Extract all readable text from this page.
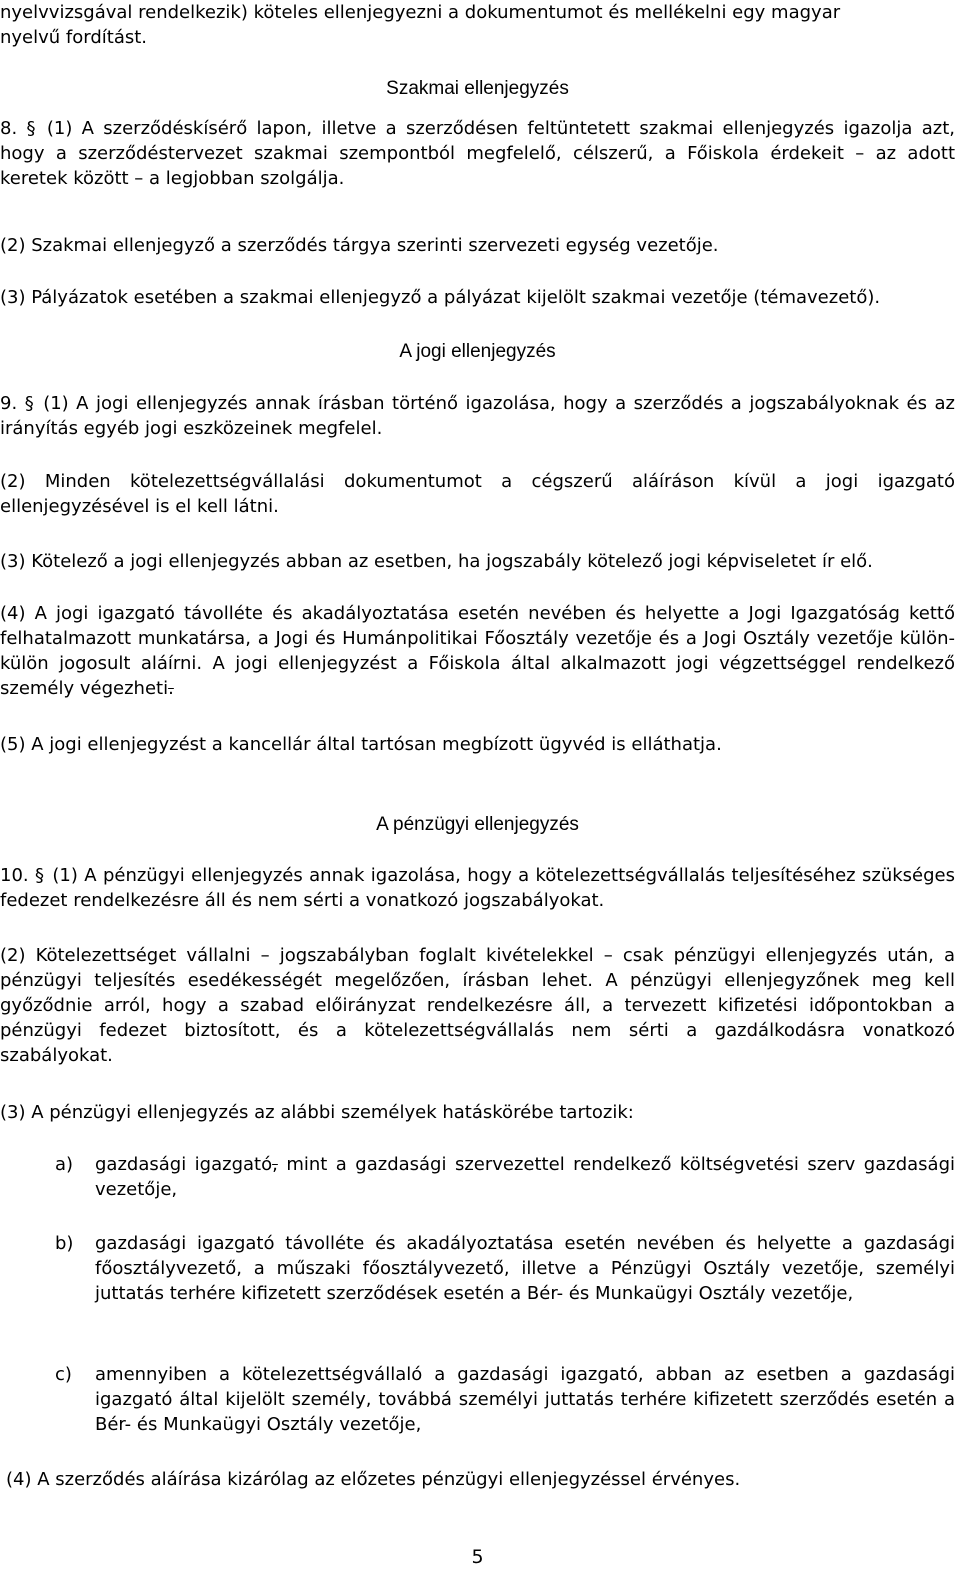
nyelvvizsgával rendelkezik) köteles ellenjegyezni a dokumentumot és mellékelni egy magyar
nyelvű fordítást.
Szakmai ellenjegyzés

8. § (1) A szerződéskísérő lapon, illetve a szerződésen feltüntetett szakmai ellenjegyzés igazolja azt, hogy a szerződéstervezet szakmai szempontból megfelelő, célszerű, a Főiskola érdekeit – az adott keretek között – a legjobban szolgálja.

(2) Szakmai ellenjegyző a szerződés tárgya szerinti szervezeti egység vezetője.

(3) Pályázatok esetében a szakmai ellenjegyző a pályázat kijelölt szakmai vezetője (témavezető).

A jogi ellenjegyzés

9. § (1) A jogi ellenjegyzés annak írásban történő igazolása, hogy a szerződés a jogszabályoknak és az irányítás egyéb jogi eszközeinek megfelel.

(2) Minden kötelezettségvállalási dokumentumot a cégszerű aláíráson kívül a jogi igazgató ellenjegyzésével is el kell látni.

(3) Kötelező a jogi ellenjegyzés abban az esetben, ha jogszabály kötelező jogi képviseletet ír elő.

(4) A jogi igazgató távolléte és akadályoztatása esetén nevében és helyette a Jogi Igazgatóság kettő felhatalmazott munkatársa, a Jogi és Humánpolitikai Főosztály vezetője és a Jogi Osztály vezetője külön-külön jogosult aláírni. A jogi ellenjegyzést a Főiskola által alkalmazott jogi végzettséggel rendelkező személy végezheti.

(5) A jogi ellenjegyzést a kancellár által tartósan megbízott ügyvéd is elláthatja.

A pénzügyi ellenjegyzés

10. § (1) A pénzügyi ellenjegyzés annak igazolása, hogy a kötelezettségvállalás teljesítéséhez szükséges fedezet rendelkezésre áll és nem sérti a vonatkozó jogszabályokat.

(2) Kötelezettséget vállalni – jogszabályban foglalt kivételekkel – csak pénzügyi ellenjegyzés után, a pénzügyi teljesítés esedékességét megelőzően, írásban lehet. A pénzügyi ellenjegyzőnek meg kell győződnie arról, hogy a szabad előirányzat rendelkezésre áll, a tervezett kifizetési időpontokban a pénzügyi fedezet biztosított, és a kötelezettségvállalás nem sérti a gazdálkodásra vonatkozó szabályokat.

(3) A pénzügyi ellenjegyzés az alábbi személyek hatáskörébe tartozik:

a) gazdasági igazgató, mint a gazdasági szervezettel rendelkező költségvetési szerv gazdasági vezetője,

b) gazdasági igazgató távolléte és akadályoztatása esetén nevében és helyette a gazdasági főosztályvezető, a műszaki főosztályvezető, illetve a Pénzügyi Osztály vezetője, személyi juttatás terhére kifizetett szerződések esetén a Bér- és Munkaügyi Osztály vezetője,

c) amennyiben a kötelezettségvállaló a gazdasági igazgató, abban az esetben a gazdasági igazgató által kijelölt személy, továbbá személyi juttatás terhére kifizetett szerződés esetén a Bér- és Munkaügyi Osztály vezetője,

(4) A szerződés aláírása kizárólag az előzetes pénzügyi ellenjegyzéssel érvényes.

5
